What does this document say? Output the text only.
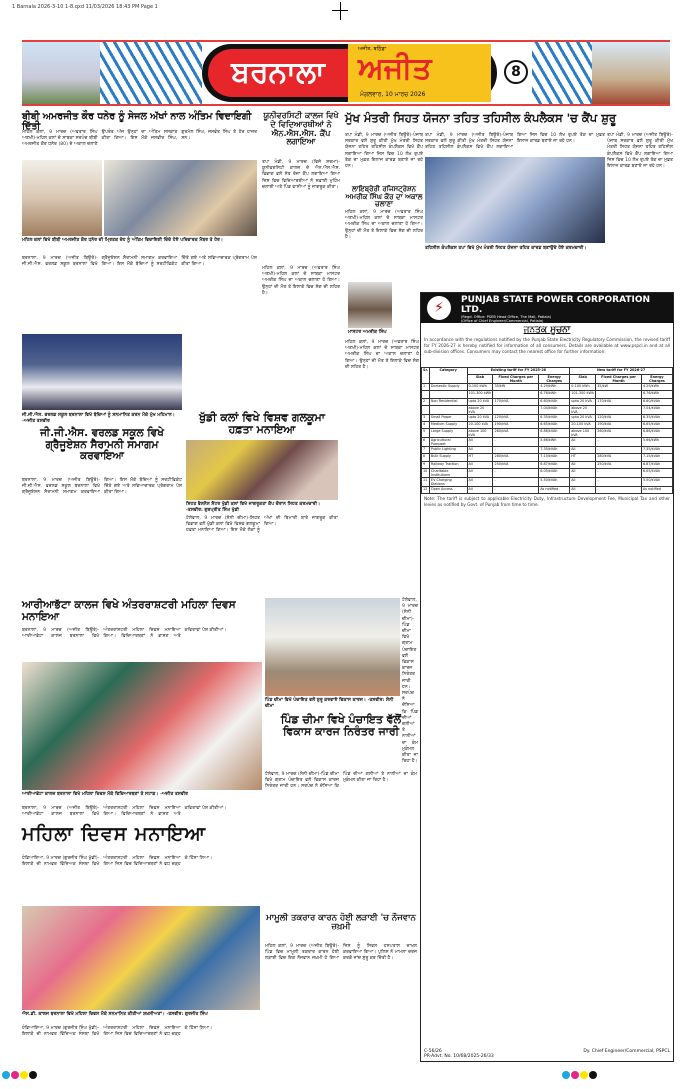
1 Barnala 2026-3-10 1-8.qxd 11/03/2026 18:43 PM Page 1
ਬਰਨਾਲਾ	ਅਜੀਤ
ਅਜੀਤ, ਬਠਿੰਡਾ
ਮੰਗਲਵਾਰ, 10 ਮਾਰਚ 2026
8
ਬੀਬੀ ਅਮਰਜੀਤ ਕੌਰ ਧਨੇਰ ਨੂੰ ਸੇਜਲ ਅੱਖਾਂ ਨਾਲ ਅੰਤਿਮ ਵਿਦਾਇਗੀ ਦਿੱਤੀ
ਮਹਿਲ ਕਲਾਂ, 9 ਮਾਰਚ (ਅਵਤਾਰ ਸਿੰਘ ਅਣਖੀ)-ਮਹਿਲ ਕਲਾਂ ਦੇ ਸਾਬਕਾ ਸਰਪੰਚ ਬੀਬੀ ਅਮਰਜੀਤ ਕੌਰ ਧਨੇਰ (80) ਦੇ ਅਕਾਲ ਚਲਾਣੇ ਉਪਰੰਤ ਅੱਜ ਉਨ੍ਹਾਂ ਦਾ ਅੰਤਿਮ ਸਸਕਾਰ ਕੀਤਾ ਗਿਆ। ਇਸ ਮੌਕੇ ਜਸਵੀਰ ਸਿੰਘ, ਗੁਰਮੇਲ ਸਿੰਘ, ਜਸਵੰਤ ਸਿੰਘ ਤੇ ਹੋਰ ਹਾਜ਼ਰ ਸਨ।
ਮਹਿਲ ਕਲਾਂ ਵਿਖੇ ਬੀਬੀ ਅਮਰਜੀਤ ਕੌਰ ਧਨੇਰ ਦੀ ਮ੍ਰਿਤਕ ਦੇਹ ਨੂੰ ਅੰਤਿਮ ਵਿਦਾਇਗੀ ਦਿੰਦੇ ਹੋਏ ਪਰਿਵਾਰਕ ਮੈਂਬਰ ਤੇ ਹੋਰ।
ਬਰਨਾਲਾ, 9 ਮਾਰਚ (ਅਜੀਤ ਬਿਊਰੋ)-ਜੀ.ਜੀ.ਐਸ. ਵਰਲਡ ਸਕੂਲ ਬਰਨਾਲਾ ਵਿਖੇ ਗ੍ਰੈਜੂਏਸ਼ਨ ਸੈਰਾਮਨੀ ਸਮਾਗਮ ਕਰਵਾਇਆ ਗਿਆ। ਇਸ ਮੌਕੇ ਬੱਚਿਆਂ ਨੂੰ ਸਰਟੀਫਿਕੇਟ ਦਿੱਤੇ ਗਏ ਅਤੇ ਸਭਿਆਚਾਰਕ ਪ੍ਰੋਗਰਾਮ ਪੇਸ਼ ਕੀਤਾ ਗਿਆ।
ਜੀ.ਜੀ.ਐਸ. ਵਰਲਡ ਸਕੂਲ ਬਰਨਾਲਾ ਵਿਖੇ ਬੱਚਿਆਂ ਨੂੰ ਸਨਮਾਨਿਤ ਕਰਨ ਮੌਕੇ ਮੁੱਖ ਮਹਿਮਾਨ। -ਅਜੀਤ ਤਸਵੀਰ
ਜੀ.ਜੀ.ਐਸ. ਵਰਲਡ ਸਕੂਲ ਵਿਖੇ ਗ੍ਰੈਜੂਏਸ਼ਨ ਸੈਰਾਮਨੀ ਸਮਾਗਮ ਕਰਵਾਇਆ
ਬਰਨਾਲਾ, 9 ਮਾਰਚ (ਅਜੀਤ ਬਿਊਰੋ)-ਜੀ.ਜੀ.ਐਸ. ਵਰਲਡ ਸਕੂਲ ਬਰਨਾਲਾ ਵਿਖੇ ਗ੍ਰੈਜੂਏਸ਼ਨ ਸੈਰਾਮਨੀ ਸਮਾਗਮ ਕਰਵਾਇਆ ਗਿਆ। ਇਸ ਮੌਕੇ ਬੱਚਿਆਂ ਨੂੰ ਸਰਟੀਫਿਕੇਟ ਦਿੱਤੇ ਗਏ ਅਤੇ ਸਭਿਆਚਾਰਕ ਪ੍ਰੋਗਰਾਮ ਪੇਸ਼ ਕੀਤਾ ਗਿਆ।
ਯੂਨੀਵਰਸਿਟੀ ਕਾਲਜ ਵਿਖੇ ਦੇ ਵਿਦਿਆਰਥੀਆਂ ਨੇ ਐਨ.ਐਸ.ਐਸ. ਕੈਂਪ ਲਗਾਇਆ
ਤਪਾ ਮੰਡੀ, 9 ਮਾਰਚ (ਵਿਜੇ ਸ਼ਰਮਾ)-ਯੂਨੀਵਰਸਿਟੀ ਕਾਲਜ ਦੇ ਐਨ.ਐਸ.ਐਸ. ਵਿਭਾਗ ਵਲੋਂ ਸੱਤ ਰੋਜ਼ਾ ਕੈਂਪ ਲਗਾਇਆ ਗਿਆ ਜਿਸ ਵਿਚ ਵਿਦਿਆਰਥੀਆਂ ਨੇ ਸਫ਼ਾਈ ਮੁਹਿੰਮ ਚਲਾਈ ਅਤੇ ਪਿੰਡ ਵਾਸੀਆਂ ਨੂੰ ਜਾਗਰੂਕ ਕੀਤਾ।
ਮਹਿਲ ਕਲਾਂ, 9 ਮਾਰਚ (ਅਵਤਾਰ ਸਿੰਘ ਅਣਖੀ)-ਮਹਿਲ ਕਲਾਂ ਦੇ ਸਾਬਕਾ ਮਾਸਟਰ ਅਮਰੀਕ ਸਿੰਘ ਦਾ ਅਕਾਲ ਚਲਾਣਾ ਹੋ ਗਿਆ। ਉਨ੍ਹਾਂ ਦੀ ਮੌਤ ਤੇ ਇਲਾਕੇ ਵਿਚ ਸੋਗ ਦੀ ਲਹਿਰ ਹੈ।
ਮੁੱਖ ਮੰਤਰੀ ਸਿਹਤ ਯੋਜਨਾ ਤਹਿਤ ਤਹਿਸੀਲ ਕੰਪਲੈਕਸ 'ਚ ਕੈਂਪ ਸ਼ੁਰੂ
ਤਪਾ ਮੰਡੀ, 9 ਮਾਰਚ (ਅਜੀਤ ਬਿਊਰੋ)-ਪੰਜਾਬ ਸਰਕਾਰ ਵਲੋਂ ਸ਼ੁਰੂ ਕੀਤੀ ਮੁੱਖ ਮੰਤਰੀ ਸਿਹਤ ਯੋਜਨਾ ਤਹਿਤ ਤਹਿਸੀਲ ਕੰਪਲੈਕਸ ਵਿਖੇ ਕੈਂਪ ਲਗਾਇਆ ਗਿਆ ਜਿਸ ਵਿਚ 10 ਲੱਖ ਰੁਪਏ ਤੱਕ ਦਾ ਮੁਫ਼ਤ ਇਲਾਜ ਕਾਰਡ ਬਣਾਏ ਜਾ ਰਹੇ ਹਨ।
ਤਪਾ ਮੰਡੀ, 9 ਮਾਰਚ (ਅਜੀਤ ਬਿਊਰੋ)-ਪੰਜਾਬ ਸਰਕਾਰ ਵਲੋਂ ਸ਼ੁਰੂ ਕੀਤੀ ਮੁੱਖ ਮੰਤਰੀ ਸਿਹਤ ਯੋਜਨਾ ਤਹਿਤ ਤਹਿਸੀਲ ਕੰਪਲੈਕਸ ਵਿਖੇ ਕੈਂਪ ਲਗਾਇਆ ਗਿਆ ਜਿਸ ਵਿਚ 10 ਲੱਖ ਰੁਪਏ ਤੱਕ ਦਾ ਮੁਫ਼ਤ ਇਲਾਜ ਕਾਰਡ ਬਣਾਏ ਜਾ ਰਹੇ ਹਨ।
ਤਹਿਸੀਲ ਕੰਪਲੈਕਸ ਤਪਾ ਵਿਖੇ ਮੁੱਖ ਮੰਤਰੀ ਸਿਹਤ ਯੋਜਨਾ ਤਹਿਤ ਕਾਰਡ ਬਣਾਉਂਦੇ ਹੋਏ ਕਰਮਚਾਰੀ।
ਤਪਾ ਮੰਡੀ, 9 ਮਾਰਚ (ਅਜੀਤ ਬਿਊਰੋ)-ਪੰਜਾਬ ਸਰਕਾਰ ਵਲੋਂ ਸ਼ੁਰੂ ਕੀਤੀ ਮੁੱਖ ਮੰਤਰੀ ਸਿਹਤ ਯੋਜਨਾ ਤਹਿਤ ਤਹਿਸੀਲ ਕੰਪਲੈਕਸ ਵਿਖੇ ਕੈਂਪ ਲਗਾਇਆ ਗਿਆ ਜਿਸ ਵਿਚ 10 ਲੱਖ ਰੁਪਏ ਤੱਕ ਦਾ ਮੁਫ਼ਤ ਇਲਾਜ ਕਾਰਡ ਬਣਾਏ ਜਾ ਰਹੇ ਹਨ।
ਲਾਇਬ੍ਰੇਰੀ ਰਜਿਸਟ੍ਰੇਸ਼ਨ ਅਮਰੀਕ ਸਿੰਘ ਕੌਰ ਦਾ ਅਕਾਲ ਚਲਾਣਾ
ਮਹਿਲ ਕਲਾਂ, 9 ਮਾਰਚ (ਅਵਤਾਰ ਸਿੰਘ ਅਣਖੀ)-ਮਹਿਲ ਕਲਾਂ ਦੇ ਸਾਬਕਾ ਮਾਸਟਰ ਅਮਰੀਕ ਸਿੰਘ ਦਾ ਅਕਾਲ ਚਲਾਣਾ ਹੋ ਗਿਆ। ਉਨ੍ਹਾਂ ਦੀ ਮੌਤ ਤੇ ਇਲਾਕੇ ਵਿਚ ਸੋਗ ਦੀ ਲਹਿਰ ਹੈ।
ਮਾਸਟਰ ਅਮਰੀਕ ਸਿੰਘ
ਮਹਿਲ ਕਲਾਂ, 9 ਮਾਰਚ (ਅਵਤਾਰ ਸਿੰਘ ਅਣਖੀ)-ਮਹਿਲ ਕਲਾਂ ਦੇ ਸਾਬਕਾ ਮਾਸਟਰ ਅਮਰੀਕ ਸਿੰਘ ਦਾ ਅਕਾਲ ਚਲਾਣਾ ਹੋ ਗਿਆ। ਉਨ੍ਹਾਂ ਦੀ ਮੌਤ ਤੇ ਇਲਾਕੇ ਵਿਚ ਸੋਗ ਦੀ ਲਹਿਰ ਹੈ।
ਖੁੱਡੀ ਕਲਾਂ ਵਿਖੇ ਵਿਸ਼ਵ ਗਲਕੂਮਾ ਹਫ਼ਤਾ ਮਨਾਇਆ
ਸਿਹਤ ਵੈਲਨੈਸ ਸੈਂਟਰ ਖੁੱਡੀ ਕਲਾਂ ਵਿਖੇ ਜਾਗਰੂਕਤਾ ਕੈਂਪ ਦੌਰਾਨ ਸਿਹਤ ਕਰਮਚਾਰੀ। -ਤਸਵੀਰ: ਗੁਰਪ੍ਰੀਤ ਸਿੰਘ ਖੁੱਡੀ
ਟੱਲੇਵਾਲ, 9 ਮਾਰਚ (ਸੋਨੀ ਚੀਮਾ)-ਸਿਹਤ ਵਿਭਾਗ ਵਲੋਂ ਖੁੱਡੀ ਕਲਾਂ ਵਿਖੇ ਵਿਸ਼ਵ ਗਲਕੂਮਾ ਹਫ਼ਤਾ ਮਨਾਇਆ ਗਿਆ। ਇਸ ਮੌਕੇ ਲੋਕਾਂ ਨੂੰ ਅੱਖਾਂ ਦੀ ਬਿਮਾਰੀ ਬਾਰੇ ਜਾਗਰੂਕ ਕੀਤਾ ਗਿਆ।
ਆਰੀਆਭੱਟਾ ਕਾਲਜ ਵਿਖੇ ਅੰਤਰਰਾਸ਼ਟਰੀ ਮਹਿਲਾ ਦਿਵਸ ਮਨਾਇਆ
ਬਰਨਾਲਾ, 9 ਮਾਰਚ (ਅਜੀਤ ਬਿਊਰੋ)-ਆਰੀਆਭੱਟਾ ਕਾਲਜ ਬਰਨਾਲਾ ਵਿਖੇ ਅੰਤਰਰਾਸ਼ਟਰੀ ਮਹਿਲਾ ਦਿਵਸ ਮਨਾਇਆ ਗਿਆ। ਵਿਦਿਆਰਥਣਾਂ ਨੇ ਭਾਸ਼ਣ ਅਤੇ ਕਵਿਤਾਵਾਂ ਪੇਸ਼ ਕੀਤੀਆਂ।
ਆਰੀਆਭੱਟਾ ਕਾਲਜ ਬਰਨਾਲਾ ਵਿਖੇ ਮਹਿਲਾ ਦਿਵਸ ਮੌਕੇ ਵਿਦਿਆਰਥਣਾਂ ਤੇ ਸਟਾਫ਼। -ਅਜੀਤ ਤਸਵੀਰ
ਬਰਨਾਲਾ, 9 ਮਾਰਚ (ਅਜੀਤ ਬਿਊਰੋ)-ਆਰੀਆਭੱਟਾ ਕਾਲਜ ਬਰਨਾਲਾ ਵਿਖੇ ਅੰਤਰਰਾਸ਼ਟਰੀ ਮਹਿਲਾ ਦਿਵਸ ਮਨਾਇਆ ਗਿਆ। ਵਿਦਿਆਰਥਣਾਂ ਨੇ ਭਾਸ਼ਣ ਅਤੇ ਕਵਿਤਾਵਾਂ ਪੇਸ਼ ਕੀਤੀਆਂ।
ਪਿੰਡ ਚੀਮਾ ਵਿਖੇ ਪੰਚਾਇਤ ਵਲੋਂ ਸ਼ੁਰੂ ਕਰਵਾਏ ਵਿਕਾਸ ਕਾਰਜ। -ਤਸਵੀਰ: ਸੋਨੀ ਚੀਮਾ
ਟੱਲੇਵਾਲ, 9 ਮਾਰਚ (ਸੋਨੀ ਚੀਮਾ)-ਪਿੰਡ ਚੀਮਾ ਵਿਖੇ ਗ੍ਰਾਮ ਪੰਚਾਇਤ ਵਲੋਂ ਵਿਕਾਸ ਕਾਰਜ ਨਿਰੰਤਰ ਜਾਰੀ ਹਨ। ਸਰਪੰਚ ਨੇ ਦੱਸਿਆ ਕਿ ਪਿੰਡ ਦੀਆਂ ਗਲੀਆਂ ਤੇ ਨਾਲੀਆਂ ਦਾ ਕੰਮ ਮੁਕੰਮਲ ਕੀਤਾ ਜਾ ਰਿਹਾ ਹੈ।
ਪਿੰਡ ਚੀਮਾ ਵਿਖੇ ਪੰਚਾਇਤ ਵੱਲੋਂ ਵਿਕਾਸ ਕਾਰਜ ਨਿਰੰਤਰ ਜਾਰੀ
ਟੱਲੇਵਾਲ, 9 ਮਾਰਚ (ਸੋਨੀ ਚੀਮਾ)-ਪਿੰਡ ਚੀਮਾ ਵਿਖੇ ਗ੍ਰਾਮ ਪੰਚਾਇਤ ਵਲੋਂ ਵਿਕਾਸ ਕਾਰਜ ਨਿਰੰਤਰ ਜਾਰੀ ਹਨ। ਸਰਪੰਚ ਨੇ ਦੱਸਿਆ ਕਿ ਪਿੰਡ ਦੀਆਂ ਗਲੀਆਂ ਤੇ ਨਾਲੀਆਂ ਦਾ ਕੰਮ ਮੁਕੰਮਲ ਕੀਤਾ ਜਾ ਰਿਹਾ ਹੈ।
ਮਹਿਲਾ ਦਿਵਸ ਮਨਾਇਆ
ਹੰਡਿਆਇਆ, 9 ਮਾਰਚ (ਗੁਰਜੀਤ ਸਿੰਘ ਖੁੱਡੀ)-ਇਲਾਕੇ ਦੀ ਨਾਮਵਰ ਵਿੱਦਿਅਕ ਸੰਸਥਾ ਵਿਖੇ ਅੰਤਰਰਾਸ਼ਟਰੀ ਮਹਿਲਾ ਦਿਵਸ ਮਨਾਇਆ ਗਿਆ ਜਿਸ ਵਿਚ ਵਿਦਿਆਰਥਣਾਂ ਨੇ ਵਧ ਚੜ੍ਹ ਕੇ ਹਿੱਸਾ ਲਿਆ।
ਐਸ.ਡੀ. ਕਾਲਜ ਬਰਨਾਲਾ ਵਿਖੇ ਮਹਿਲਾ ਦਿਵਸ ਮੌਕੇ ਸਨਮਾਨਿਤ ਕੀਤੀਆਂ ਸ਼ਖ਼ਸੀਅਤਾਂ। -ਤਸਵੀਰ: ਗੁਰਜੀਤ ਸਿੰਘ
ਹੰਡਿਆਇਆ, 9 ਮਾਰਚ (ਗੁਰਜੀਤ ਸਿੰਘ ਖੁੱਡੀ)-ਇਲਾਕੇ ਦੀ ਨਾਮਵਰ ਵਿੱਦਿਅਕ ਸੰਸਥਾ ਵਿਖੇ ਅੰਤਰਰਾਸ਼ਟਰੀ ਮਹਿਲਾ ਦਿਵਸ ਮਨਾਇਆ ਗਿਆ ਜਿਸ ਵਿਚ ਵਿਦਿਆਰਥਣਾਂ ਨੇ ਵਧ ਚੜ੍ਹ ਕੇ ਹਿੱਸਾ ਲਿਆ।
ਮਾਮੂਲੀ ਤਕਰਾਰ ਕਾਰਨ ਹੋਈ ਲੜਾਈ 'ਚ ਨੌਜਵਾਨ ਜ਼ਖ਼ਮੀ
ਮਹਿਲ ਕਲਾਂ, 9 ਮਾਰਚ (ਅਜੀਤ ਬਿਊਰੋ)-ਪਿੰਡ ਵਿਚ ਮਾਮੂਲੀ ਤਕਰਾਰ ਕਾਰਨ ਹੋਈ ਲੜਾਈ ਵਿਚ ਇਕ ਨੌਜਵਾਨ ਜ਼ਖ਼ਮੀ ਹੋ ਗਿਆ ਜਿਸ ਨੂੰ ਸਿਵਲ ਹਸਪਤਾਲ ਦਾਖ਼ਲ ਕਰਵਾਇਆ ਗਿਆ। ਪੁਲਿਸ ਨੇ ਮਾਮਲਾ ਦਰਜ ਕਰਕੇ ਜਾਂਚ ਸ਼ੁਰੂ ਕਰ ਦਿੱਤੀ ਹੈ।
⚡	PUNJAB STATE POWER CORPORATION LTD.
(Regd. Office: PSEB Head Office, The Mall, Patiala)
(Office of Chief Engineer/Commercial, Patiala)
CIN: U40109PB2010SGC033813, Website: www.pspcl.in
(Tel. No. / E-mail for Commercial Section)
ਜਨਤਕ ਸੂਚਨਾ
In accordance with the regulations notified by the Punjab State Electricity Regulatory Commission, the revised tariff for FY 2026-27 is hereby notified for information of all consumers. Details are available at www.pspcl.in and at all sub-division offices. Consumers may contact the nearest office for further information:
Sr.	Category	Existing tariff for FY 2025-26			New tariff for FY 2026-27		
		Slab	Fixed Charges per Month	Energy Charges	Slab	Fixed Charges per Month	Energy Charges
1	Domestic Supply	0-100 kWh	35/kW	4.29/kWh	0-100 kWh	35/kW	4.29/kWh
		101-300 kWh		6.76/kWh	101-300 kWh		6.76/kWh
2	Non Residential	upto 20 kVA	170/kVA	6.60/kVAh	upto 20 kVA	170/kVA	6.60/kVAh
		above 20 kVA		7.04/kVAh	above 20 kVA		7.04/kVAh
3	Small Power	upto 20 kVA	120/kVA	6.35/kVAh	upto 20 kVA	120/kVA	6.35/kVAh
4	Medium Supply	20-100 kVA	190/kVA	6.65/kVAh	20-100 kVA	190/kVA	6.65/kVAh
5	Large Supply	above 100 kVA	260/kVA	6.86/kVAh	above 100 kVA	260/kVA	6.86/kVAh
6	Agricultural Pumpset	All	-	5.66/kWh	All	-	5.66/kWh
7	Public Lighting	All	-	7.35/kVAh	All	-	7.35/kVAh
8	Bulk Supply	HT	280/kVA	7.15/kVAh	HT	280/kVA	7.15/kVAh
9	Railway Traction	All	250/kVA	6.87/kVAh	All	250/kVA	6.87/kVAh
10	Charitable Institutions	All	-	6.05/kVAh	All	-	6.05/kVAh
11	EV Charging Stations	All	-	5.50/kVAh	All	-	5.50/kVAh
12	Open Access	All	-	As notified	All	-	As notified
Note: The tariff is subject to applicable Electricity Duty, Infrastructure Development Fee, Municipal Tax and other levies as notified by Govt. of Punjab from time to time.
C-56/26
PR-Advt. No. 10/68/2025-26/33
Dy. Chief Engineer/Commercial, PSPCL
